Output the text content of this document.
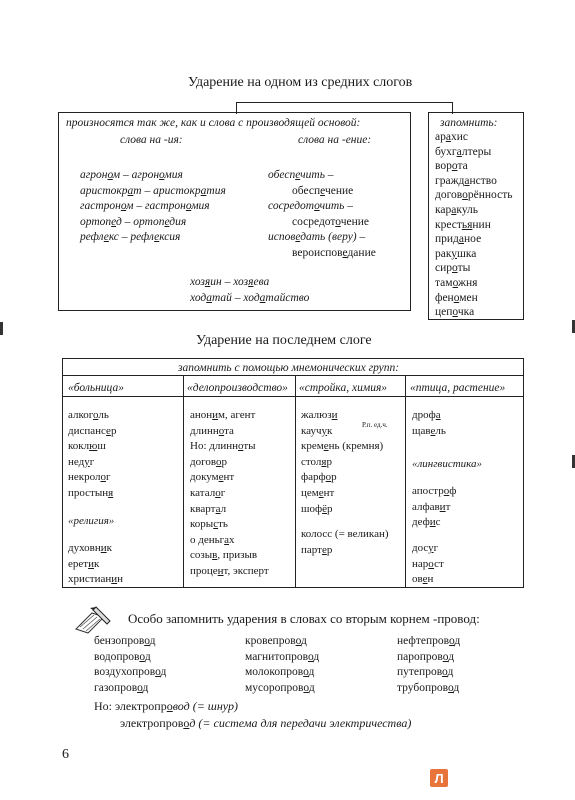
Ударение на одном из средних слогов
произносятся так же, как и слова с производящей основой:
слова на -ия:	слова на -ение:
агроном – агрономия
аристократ – аристократия
гастроном – гастрономия
ортопед – ортопедия
рефлекс – рефлексия
обеспечить –
обеспечение
сосредоточить –
сосредоточение
исповедать (веру) –
вероисповедание
хозяин – хозяева
ходатай – ходатайство
запомнить:
арахис
бухгалтеры
ворота
гражданство
договорённость
каракуль
крестьянин
приданое
ракушка
сироты
таможня
феномен
цепочка
Ударение на последнем слоге
запомнить с помощью мнемонических групп:
«больница»	«делопроизводство» «стройка, химия» «птица, растение»
алкоголь
диспансер
коклюш
недуг
некролог
простыня
«религия»
духовник
еретик
христианин
аноним, агент
длиннота
Но: длинноты
договор
документ
каталог
квартал
корысть
о деньгах
созыв, призыв
процент, эксперт
жалюзи
каучук
кремень (кремня)
столяр
фарфор
цемент
шофёр
Р.п. ед.ч.
колосс (= великан)
партер
дрофа
щавель
«лингвистика»
апостроф
алфавит
дефис
досуг
нарост
овен
Особо запомнить ударения в словах со вторым корнем -провод:
бензопровод
водопровод
воздухопровод
газопровод
кровепровод
магнитопровод
молокопровод
мусоропровод
нефтепровод
паропровод
путепровод
трубопровод
Но: электропровод (= шнур)
электропровод (= система для передачи электричества)
6
Л
